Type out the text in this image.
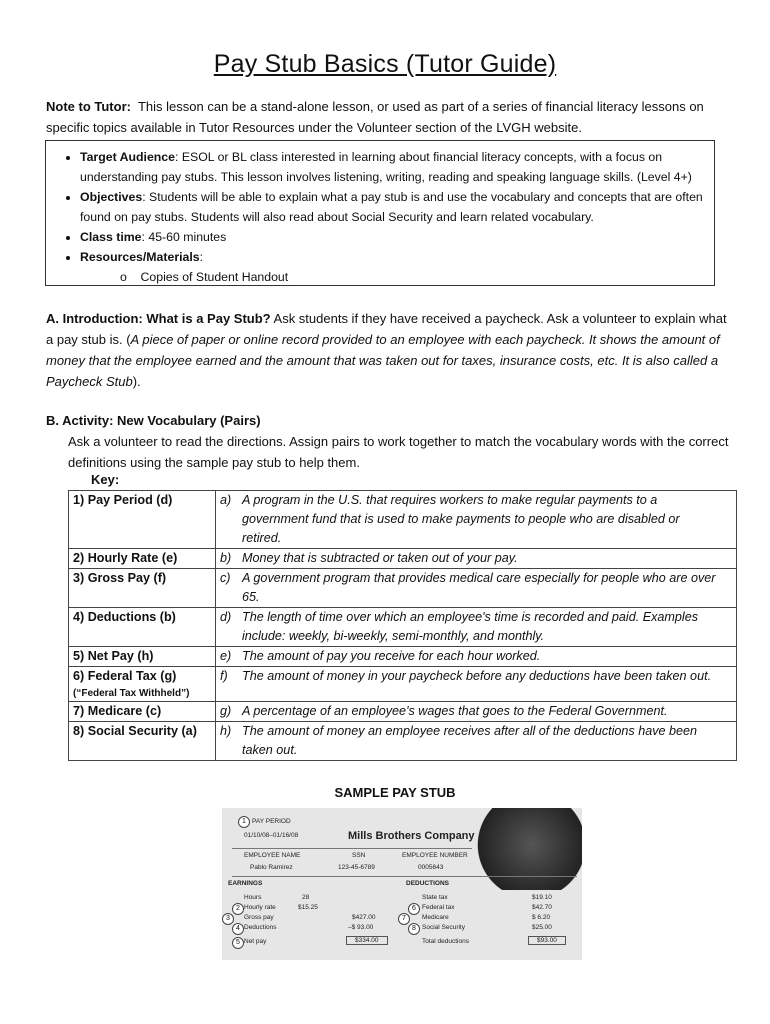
Pay Stub Basics (Tutor Guide)
Note to Tutor: This lesson can be a stand-alone lesson, or used as part of a series of financial literacy lessons on specific topics available in Tutor Resources under the Volunteer section of the LVGH website.
• Target Audience: ESOL or BL class interested in learning about financial literacy concepts, with a focus on understanding pay stubs. This lesson involves listening, writing, reading and speaking language skills. (Level 4+)
• Objectives: Students will be able to explain what a pay stub is and use the vocabulary and concepts that are often found on pay stubs. Students will also read about Social Security and learn related vocabulary.
• Class time: 45-60 minutes
• Resources/Materials:
o Copies of Student Handout
A. Introduction: What is a Pay Stub? Ask students if they have received a paycheck. Ask a volunteer to explain what a pay stub is. (A piece of paper or online record provided to an employee with each paycheck. It shows the amount of money that the employee earned and the amount that was taken out for taxes, insurance costs, etc. It is also called a Paycheck Stub).
B. Activity: New Vocabulary (Pairs)
Ask a volunteer to read the directions. Assign pairs to work together to match the vocabulary words with the correct definitions using the sample pay stub to help them.
Key:
1) Pay Period (d)	a) A program in the U.S. that requires workers to make regular payments to a government fund that is used to make payments to people who are disabled or retired.
2) Hourly Rate (e)	b) Money that is subtracted or taken out of your pay.
3) Gross Pay (f)	c) A government program that provides medical care especially for people who are over 65.
4) Deductions (b)	d) The length of time over which an employee's time is recorded and paid. Examples include: weekly, bi-weekly, semi-monthly, and monthly.
5) Net Pay (h)	e) The amount of pay you receive for each hour worked.
6) Federal Tax (g)
(“Federal Tax Withheld”)	f) The amount of money in your paycheck before any deductions have been taken out.
7) Medicare (c)	g) A percentage of an employee's wages that goes to the Federal Government.
8) Social Security (a)	h) The amount of money an employee receives after all of the deductions have been taken out.
SAMPLE PAY STUB
1 PAY PERIOD
01/10/08–01/16/08	Mills Brothers Company
EMPLOYEE NAME	SSN	EMPLOYEE NUMBER
Pablo Ramirez	123-45-6789	0005643
EARNINGS	DEDUCTIONS
Hours	28
2 Hourly rate	$15.25
3	Gross pay	$427.00
4 Deductions	–$ 93.00
5 Net pay	$334.00
State tax	$19.10
6 Federal tax	$42.70
7	Medicare	$ 6.20
8 Social Security	$25.00
Total deductions	$93.00
